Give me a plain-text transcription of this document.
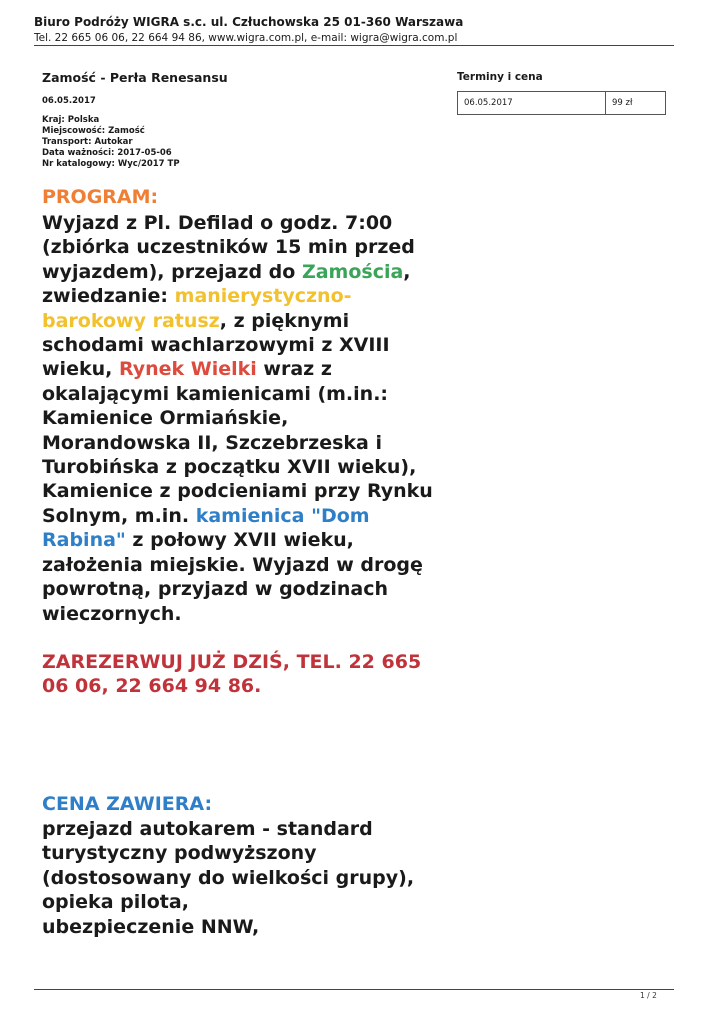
Biuro Podróży WIGRA s.c. ul. Człuchowska 25 01-360 Warszawa
Tel. 22 665 06 06, 22 664 94 86, www.wigra.com.pl, e-mail: wigra@wigra.com.pl
Zamość - Perła Renesansu
06.05.2017
Kraj: Polska
Miejscowość: Zamość
Transport: Autokar
Data ważności: 2017-05-06
Nr katalogowy: Wyc/2017 TP
Terminy i cena
06.05.2017	99 zł
PROGRAM:
Wyjazd z Pl. Defilad o godz. 7:00 (zbiórka uczestników 15 min przed wyjazdem), przejazd do Zamościa, zwiedzanie: manierystyczno-barokowy ratusz, z pięknymi schodami wachlarzowymi z XVIII wieku, Rynek Wielki wraz z okalającymi kamienicami (m.in.: Kamienice Ormiańskie, Morandowska II, Szczebrzeska i Turobińska z początku XVII wieku), Kamienice z podcieniami przy Rynku Solnym, m.in. kamienica "Dom Rabina" z połowy XVII wieku, założenia miejskie. Wyjazd w drogę powrotną, przyjazd w godzinach wieczornych.
ZAREZERWUJ JUŻ DZIŚ, TEL. 22 665 06 06, 22 664 94 86.
CENA ZAWIERA:
przejazd autokarem - standard turystyczny podwyższony (dostosowany do wielkości grupy),
opieka pilota,
ubezpieczenie NNW,
1 / 2
